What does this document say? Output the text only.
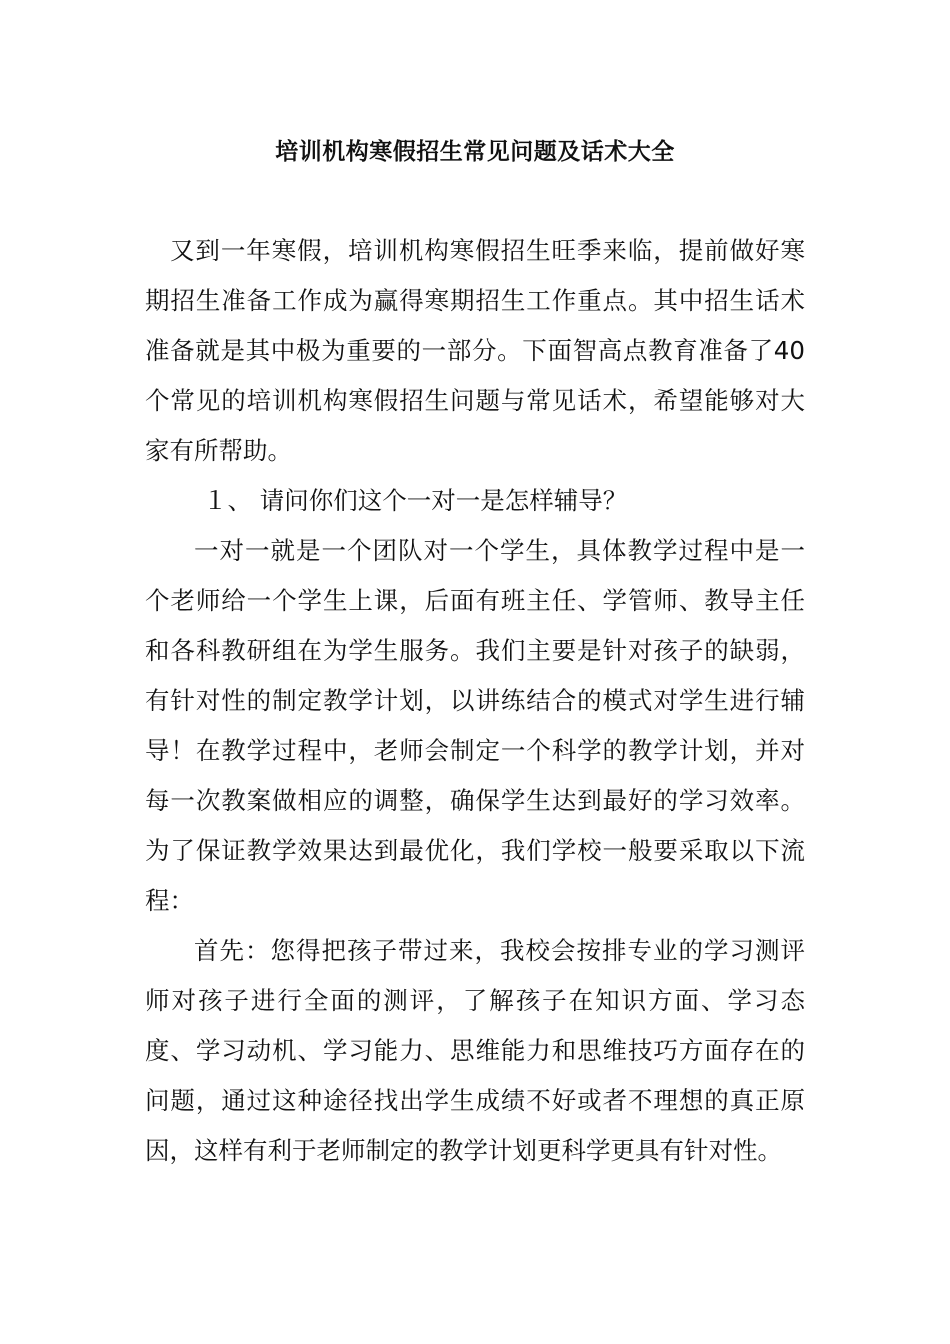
培训机构寒假招生常见问题及话术大全

又到一年寒假，培训机构寒假招生旺季来临，提前做好寒期招生准备工作成为赢得寒期招生工作重点。其中招生话术准备就是其中极为重要的一部分。下面智高点教育准备了40个常见的培训机构寒假招生问题与常见话术，希望能够对大家有所帮助。

１、 请问你们这个一对一是怎样辅导？

一对一就是一个团队对一个学生，具体教学过程中是一个老师给一个学生上课，后面有班主任、学管师、教导主任和各科教研组在为学生服务。我们主要是针对孩子的缺弱，有针对性的制定教学计划，以讲练结合的模式对学生进行辅导！在教学过程中，老师会制定一个科学的教学计划，并对每一次教案做相应的调整，确保学生达到最好的学习效率。为了保证教学效果达到最优化，我们学校一般要采取以下流程：

首先：您得把孩子带过来，我校会按排专业的学习测评师对孩子进行全面的测评，了解孩子在知识方面、学习态度、学习动机、学习能力、思维能力和思维技巧方面存在的问题，通过这种途径找出学生成绩不好或者不理想的真正原因，这样有利于老师制定的教学计划更科学更具有针对性。
